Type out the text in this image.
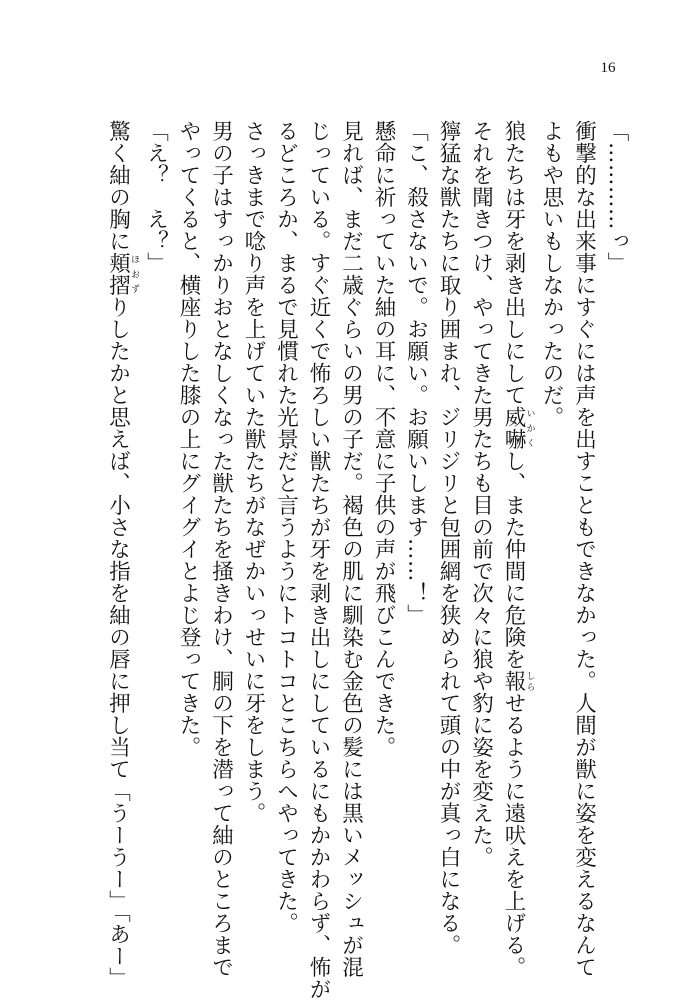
16
「…………っ」
衝撃的な出来事にすぐには声を出すこともできなかった。人間が獣に姿を変えるなんて
よもや思いもしなかったのだ。
狼たちは牙を剥き出しにして威嚇いかくし、また仲間に危険を報しらせるように遠吠えを上げる。
それを聞きつけ、やってきた男たちも目の前で次々に狼や豹に姿を変えた。
獰猛な獣たちに取り囲まれ、ジリジリと包囲網を狭められて頭の中が真っ白になる。
「こ、殺さないで。お願い。お願いします……！」
懸命に祈っていた紬の耳に、不意に子供の声が飛びこんできた。
見れば、まだ二歳ぐらいの男の子だ。褐色の肌に馴染む金色の髪には黒いメッシュが混
じっている。すぐ近くで怖ろしい獣たちが牙を剥き出しにしているにもかかわらず、怖が
るどころか、まるで見慣れた光景だと言うようにトコトコとこちらへやってきた。
さっきまで唸り声を上げていた獣たちがなぜかいっせいに牙をしまう。
男の子はすっかりおとなしくなった獣たちを掻きわけ、胴の下を潜って紬のところまで
やってくると、横座りした膝の上にグイグイとよじ登ってきた。
「え？　え？」
驚く紬の胸に頬摺ほおずりしたかと思えば、小さな指を紬の唇に押し当て「うーうー」「あー」
